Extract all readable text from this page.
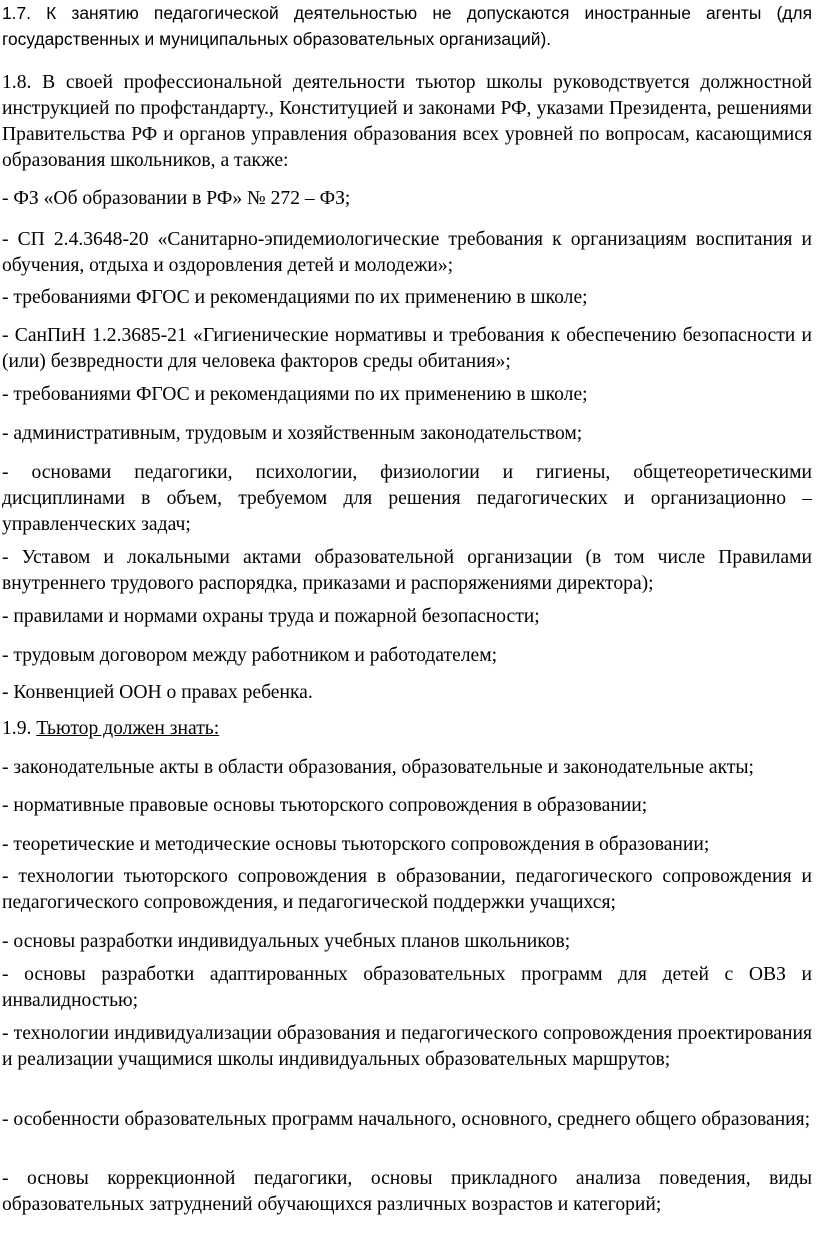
1.7. К занятию педагогической деятельностью не допускаются иностранные агенты (для государственных и муниципальных образовательных организаций).

1.8. В своей профессиональной деятельности тьютор школы руководствуется должностной инструкцией по профстандарту., Конституцией и законами РФ, указами Президента, решениями Правительства РФ и органов управления образования всех уровней по вопросам, касающимися образования школьников, а также:

- ФЗ «Об образовании в РФ» № 272 – ФЗ;

- СП 2.4.3648-20 «Санитарно-эпидемиологические требования к организациям воспитания и обучения, отдыха и оздоровления детей и молодежи»;

- требованиями ФГОС и рекомендациями по их применению в школе;

- СанПиН 1.2.3685-21 «Гигиенические нормативы и требования к обеспечению безопасности и (или) безвредности для человека факторов среды обитания»;

- требованиями ФГОС и рекомендациями по их применению в школе;

- административным, трудовым и хозяйственным законодательством;

- основами педагогики, психологии, физиологии и гигиены, общетеоретическими дисциплинами в объем, требуемом для решения педагогических и организационно – управленческих задач;

- Уставом и локальными актами образовательной организации (в том числе Правилами внутреннего трудового распорядка, приказами и распоряжениями директора);

- правилами и нормами охраны труда и пожарной безопасности;

- трудовым договором между работником и работодателем;

- Конвенцией ООН о правах ребенка.

1.9. Тьютор должен знать:

- законодательные акты в области образования, образовательные и законодательные акты;

- нормативные правовые основы тьюторского сопровождения в образовании;

- теоретические и методические основы тьюторского сопровождения в образовании;

- технологии тьюторского сопровождения в образовании, педагогического сопровождения и педагогического сопровождения, и педагогической поддержки учащихся;

- основы разработки индивидуальных учебных планов школьников;

- основы разработки адаптированных образовательных программ для детей с ОВЗ и инвалидностью;

- технологии индивидуализации образования и педагогического сопровождения проектирования и реализации учащимися школы индивидуальных образовательных маршрутов;

- особенности образовательных программ начального, основного, среднего общего образования;

- основы коррекционной педагогики, основы прикладного анализа поведения, виды образовательных затруднений обучающихся различных возрастов и категорий;
